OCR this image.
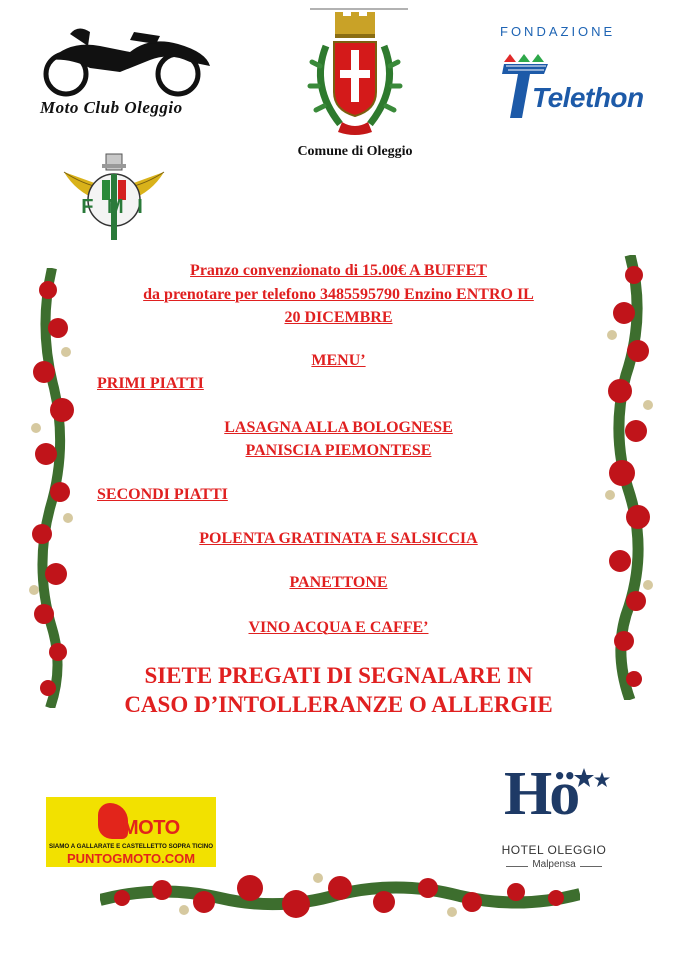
Moto Club Oleggio
Comune di Oleggio
FONDAZIONE
Telethon
F M I
Pranzo convenzionato di 15.00€ A BUFFET
da prenotare per telefono 3485595790 Enzino ENTRO IL
20 DICEMBRE
MENU’
PRIMI PIATTI
LASAGNA ALLA BOLOGNESE
PANISCIA PIEMONTESE
SECONDI PIATTI
POLENTA GRATINATA E SALSICCIA
PANETTONE
VINO ACQUA E CAFFE’
SIETE PREGATI DI SEGNALARE IN
CASO D’INTOLLERANZE O ALLERGIE
MOTO
SIAMO A GALLARATE E CASTELLETTO SOPRA TICINO
PUNTOGMOTO.COM
Hö
HOTEL OLEGGIO
Malpensa
